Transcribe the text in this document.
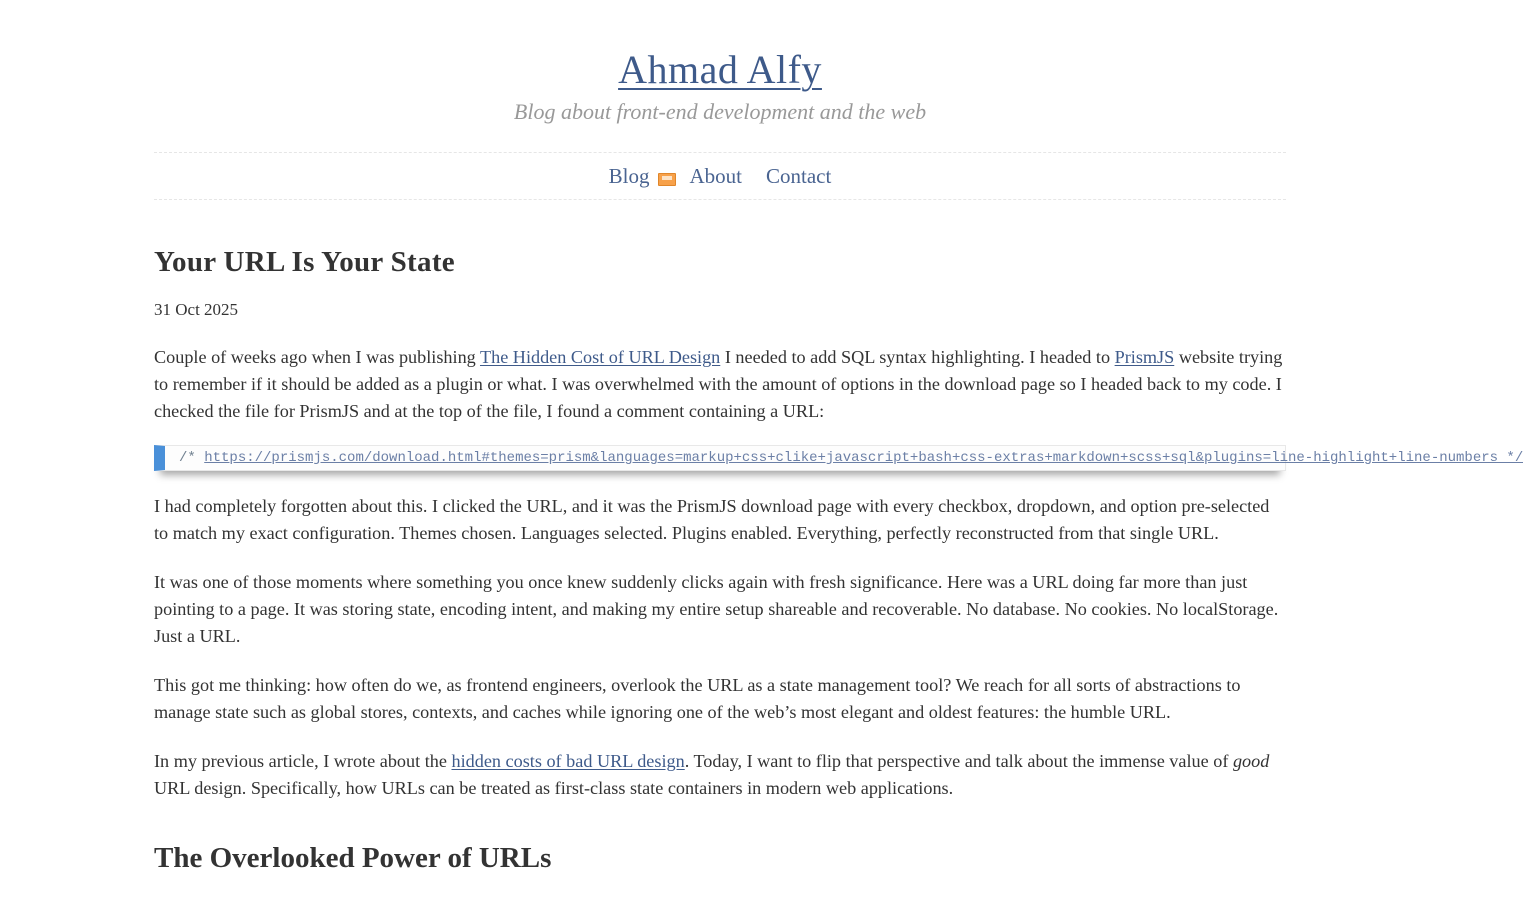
Ahmad Alfy
Blog about front-end development and the web
Blog About Contact
Your URL Is Your State
31 Oct 2025

Couple of weeks ago when I was publishing The Hidden Cost of URL Design I needed to add SQL syntax highlighting. I headed to PrismJS website trying to remember if it should be added as a plugin or what. I was overwhelmed with the amount of options in the download page so I headed back to my code. I checked the file for PrismJS and at the top of the file, I found a comment containing a URL:

/* https://prismjs.com/download.html#themes=prism&languages=markup+css+clike+javascript+bash+css-extras+markdown+scss+sql&plugins=line-highlight+line-numbers */

I had completely forgotten about this. I clicked the URL, and it was the PrismJS download page with every checkbox, dropdown, and option pre-selected to match my exact configuration. Themes chosen. Languages selected. Plugins enabled. Everything, perfectly reconstructed from that single URL.

It was one of those moments where something you once knew suddenly clicks again with fresh significance. Here was a URL doing far more than just pointing to a page. It was storing state, encoding intent, and making my entire setup shareable and recoverable. No database. No cookies. No localStorage. Just a URL.

This got me thinking: how often do we, as frontend engineers, overlook the URL as a state management tool? We reach for all sorts of abstractions to manage state such as global stores, contexts, and caches while ignoring one of the web’s most elegant and oldest features: the humble URL.

In my previous article, I wrote about the hidden costs of bad URL design. Today, I want to flip that perspective and talk about the immense value of good URL design. Specifically, how URLs can be treated as first-class state containers in modern web applications.

The Overlooked Power of URLs
